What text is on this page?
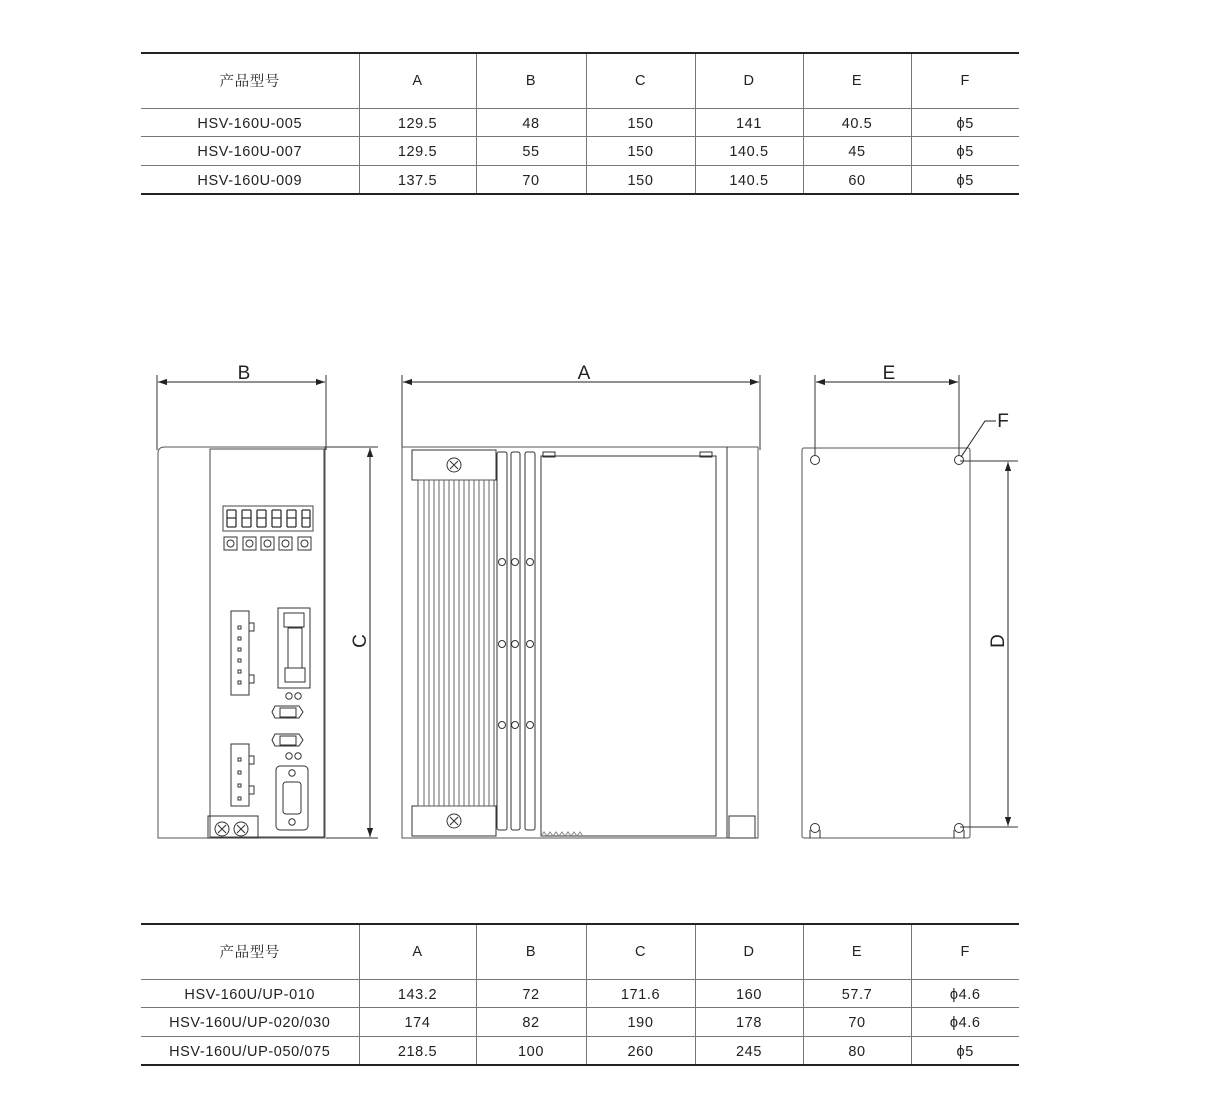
产品型号	A	B	C	D	E	F
HSV-160U-005	129.5	48	150	141	40.5	ϕ5
HSV-160U-007	129.5	55	150	140.5	45	ϕ5
HSV-160U-009	137.5	70	150	140.5	60	ϕ5
B	A	E
F
C	D
产品型号	A	B	C	D	E	F
HSV-160U/UP-010	143.2	72	171.6	160	57.7	ϕ4.6
HSV-160U/UP-020/030	174	82	190	178	70	ϕ4.6
HSV-160U/UP-050/075	218.5	100	260	245	80	ϕ5
